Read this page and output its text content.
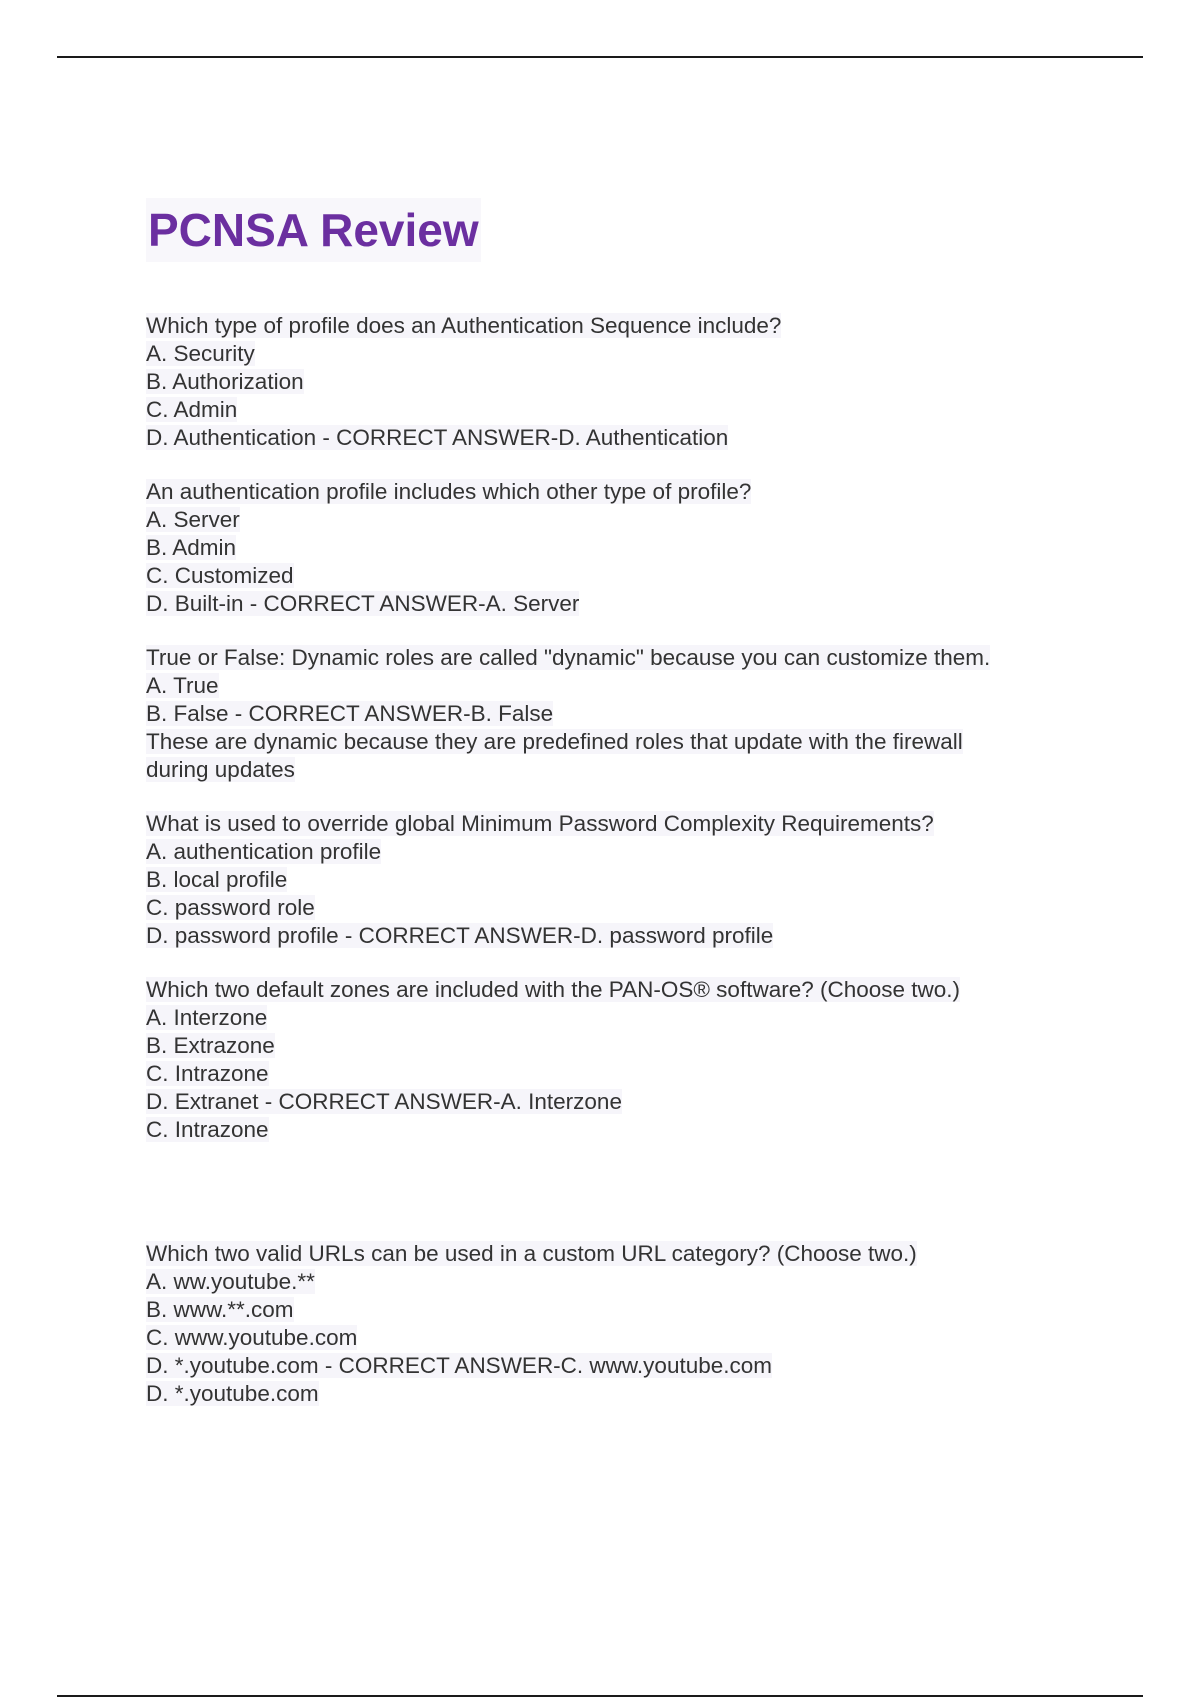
PCNSA Review
Which type of profile does an Authentication Sequence include?
A. Security
B. Authorization
C. Admin
D. Authentication - CORRECT ANSWER-D. Authentication
An authentication profile includes which other type of profile?
A. Server
B. Admin
C. Customized
D. Built-in - CORRECT ANSWER-A. Server
True or False: Dynamic roles are called "dynamic" because you can customize them.
A. True
B. False - CORRECT ANSWER-B. False
These are dynamic because they are predefined roles that update with the firewall
during updates
What is used to override global Minimum Password Complexity Requirements?
A. authentication profile
B. local profile
C. password role
D. password profile - CORRECT ANSWER-D. password profile
Which two default zones are included with the PAN-OS® software? (Choose two.)
A. Interzone
B. Extrazone
C. Intrazone
D. Extranet - CORRECT ANSWER-A. Interzone
C. Intrazone
Which two valid URLs can be used in a custom URL category? (Choose two.)
A. ww.youtube.**
B. www.**.com
C. www.youtube.com
D. *.youtube.com - CORRECT ANSWER-C. www.youtube.com
D. *.youtube.com
